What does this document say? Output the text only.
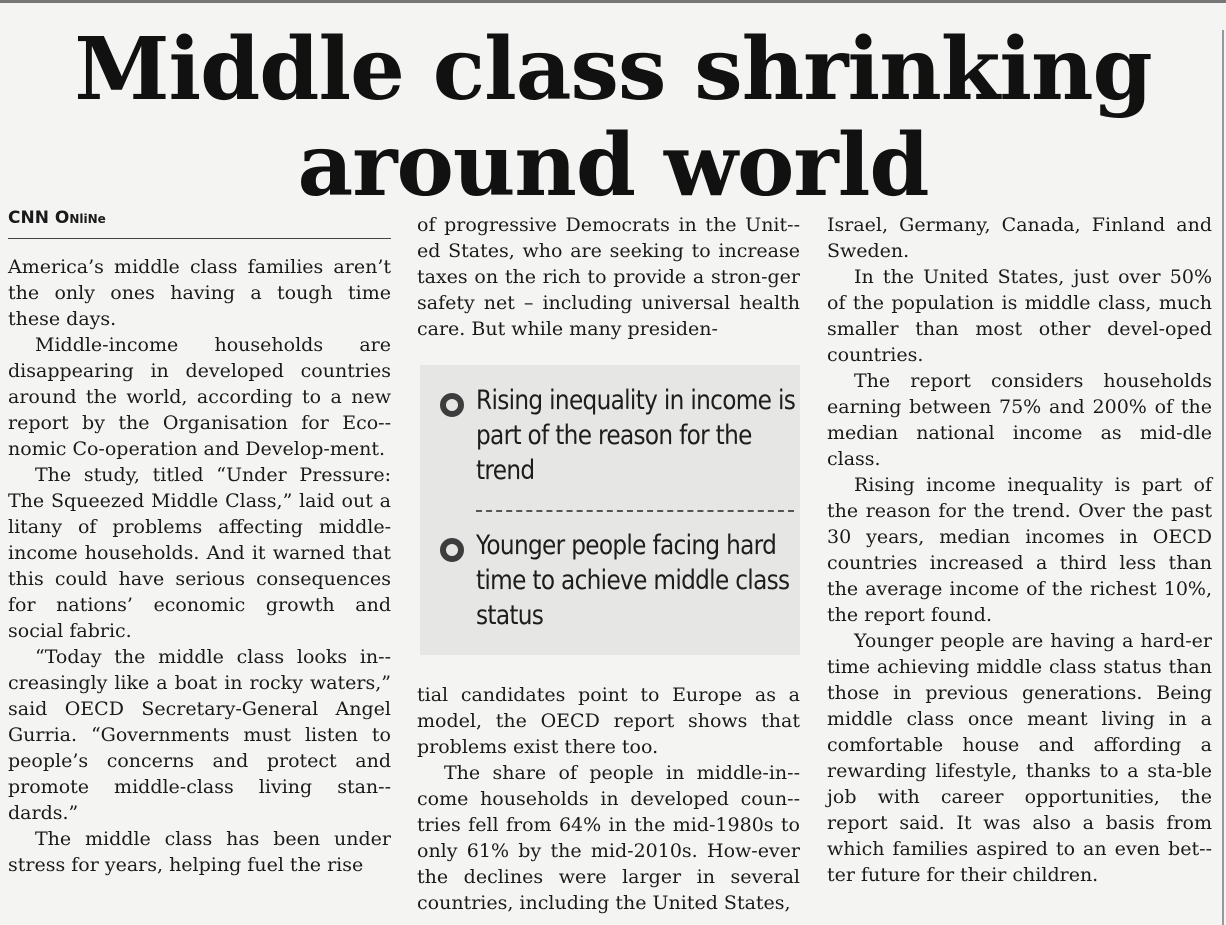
Middle class shrinking
around world
CNN ONliNe

America’s middle class families aren’t the only ones having a tough time these days.

Middle-income households are disappearing in developed countries around the world, according to a new report by the Organisation for Eco-nomic Co-operation and Develop-ment.

The study, titled “Under Pressure: The Squeezed Middle Class,” laid out a litany of problems affecting middle-income households. And it warned that this could have serious consequences for nations’ economic growth and social fabric.

“Today the middle class looks in-creasingly like a boat in rocky waters,” said OECD Secretary-General Angel Gurria. “Governments must listen to people’s concerns and protect and promote middle-class living stan-dards.”

The middle class has been under stress for years, helping fuel the rise

of progressive Democrats in the Unit-ed States, who are seeking to increase taxes on the rich to provide a stron-ger safety net – including universal health care. But while many presiden-

Rising inequality in income is part of the reason for the trend
Younger people facing hard time to achieve middle class status

tial candidates point to Europe as a model, the OECD report shows that problems exist there too.

The share of people in middle-in-come households in developed coun-tries fell from 64% in the mid-1980s to only 61% by the mid-2010s. How-ever the declines were larger in several countries, including the United States,

Israel, Germany, Canada, Finland and Sweden.

In the United States, just over 50% of the population is middle class, much smaller than most other devel-oped countries.

The report considers households earning between 75% and 200% of the median national income as mid-dle class.

Rising income inequality is part of the reason for the trend. Over the past 30 years, median incomes in OECD countries increased a third less than the average income of the richest 10%, the report found.

Younger people are having a hard-er time achieving middle class status than those in previous generations. Being middle class once meant living in a comfortable house and affording a rewarding lifestyle, thanks to a sta-ble job with career opportunities, the report said. It was also a basis from which families aspired to an even bet-ter future for their children.
